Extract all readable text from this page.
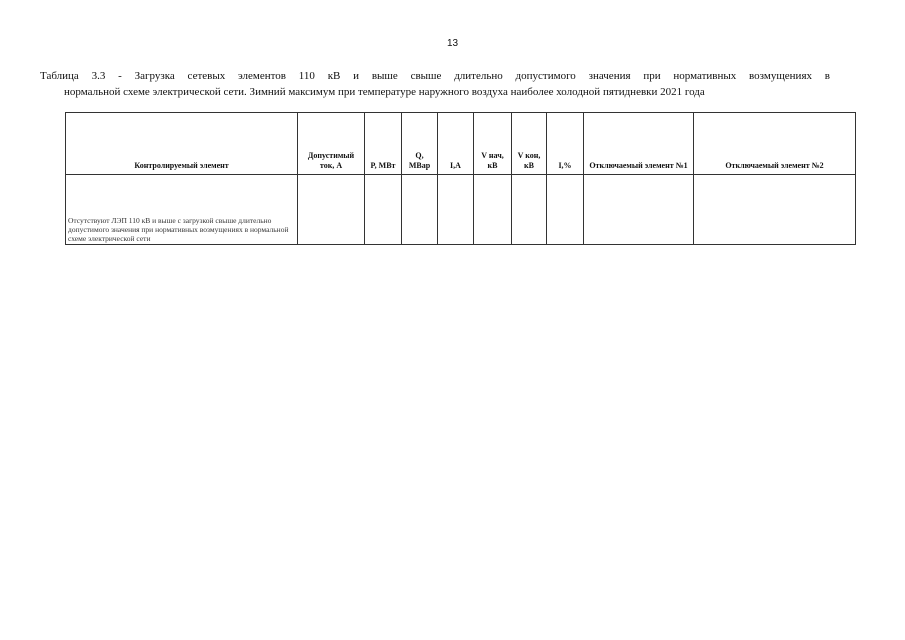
13
Таблица 3.3 - Загрузка сетевых элементов 110 кВ и выше свыше длительно допустимого значения при нормативных возмущениях в
нормальной схеме электрической сети. Зимний максимум при температуре наружного воздуха наиболее холодной пятидневки 2021 года
Контролируемый элемент	Допустимый ток, А	P, МВт	Q, МВар	I,А	V нач, кВ	V кон, кВ	I,%	Отключаемый элемент №1	Отключаемый элемент №2
Отсутствуют ЛЭП 110 кВ и выше с загрузкой свыше длительно допустимого значения при нормативных возмущениях в нормальной схеме электрической сети									
